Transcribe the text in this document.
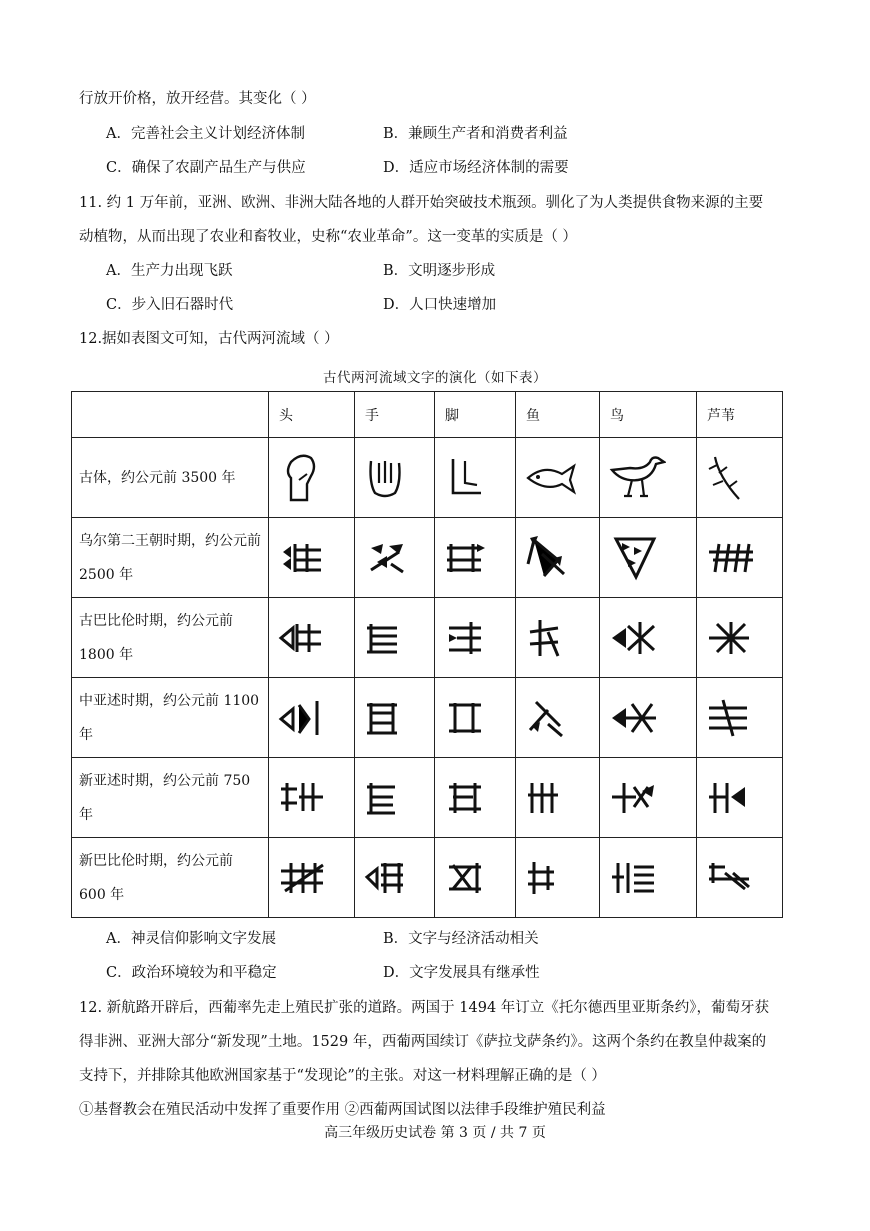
行放开价格，放开经营。其变化（ ）
A．完善社会主义计划经济体制	B．兼顾生产者和消费者利益
C．确保了农副产品生产与供应	D．适应市场经济体制的需要
11. 约 1 万年前，亚洲、欧洲、非洲大陆各地的人群开始突破技术瓶颈。驯化了为人类提供食物来源的主要
动植物，从而出现了农业和畜牧业，史称“农业革命”。这一变革的实质是（ ）
A．生产力出现飞跃	B．文明逐步形成
C．步入旧石器时代	D．人口快速增加
12.据如表图文可知，古代两河流域（ ）
古代两河流域文字的演化（如下表）
	头	手	脚	鱼	鸟	芦苇
古体，约公元前 3500 年	

乌尔第二王朝时期，约公元前 2500 年	

古巴比伦时期，约公元前 1800 年	

中亚述时期，约公元前 1100 年	

新亚述时期，约公元前 750 年	

新巴比伦时期，约公元前 600 年	

A．神灵信仰影响文字发展	B．文字与经济活动相关
C．政治环境较为和平稳定	D．文字发展具有继承性
12. 新航路开辟后，西葡率先走上殖民扩张的道路。两国于 1494 年订立《托尔德西里亚斯条约》，葡萄牙获
得非洲、亚洲大部分“新发现”土地。1529 年，西葡两国续订《萨拉戈萨条约》。这两个条约在教皇仲裁案的
支持下，并排除其他欧洲国家基于“发现论”的主张。对这一材料理解正确的是（ ）
①基督教会在殖民活动中发挥了重要作用 ②西葡两国试图以法律手段维护殖民利益
高三年级历史试卷 第 3 页 / 共 7 页
